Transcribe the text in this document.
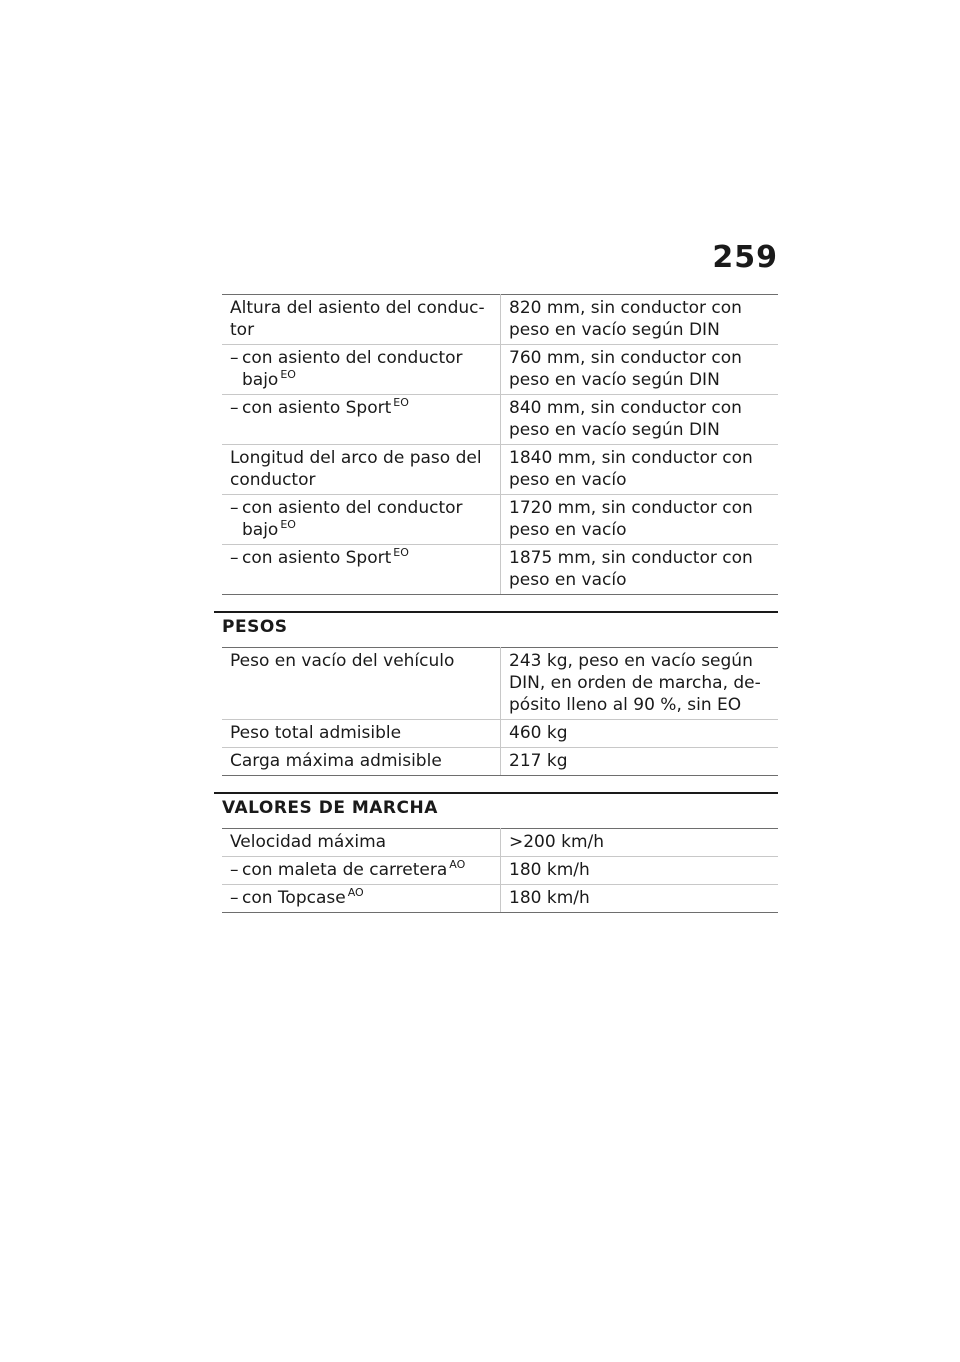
259
Altura del asiento del conduc-
tor	820 mm, sin conductor con
peso en vacío según DIN
– con asiento del conductor
bajo $^{EO}$	760 mm, sin conductor con
peso en vacío según DIN
– con asiento Sport $^{EO}$	840 mm, sin conductor con
peso en vacío según DIN
Longitud del arco de paso del
conductor	1840 mm, sin conductor con
peso en vacío
– con asiento del conductor
bajo $^{EO}$	1720 mm, sin conductor con
peso en vacío
– con asiento Sport $^{EO}$	1875 mm, sin conductor con
peso en vacío
PESOS
Peso en vacío del vehículo	243 kg, peso en vacío según
DIN, en orden de marcha, de-
pósito lleno al 90 %, sin EO
Peso total admisible	460 kg
Carga máxima admisible	217 kg
VALORES DE MARCHA
Velocidad máxima	>200 km/h
– con maleta de carretera $^{AO}$	180 km/h
– con Topcase $^{AO}$	180 km/h
